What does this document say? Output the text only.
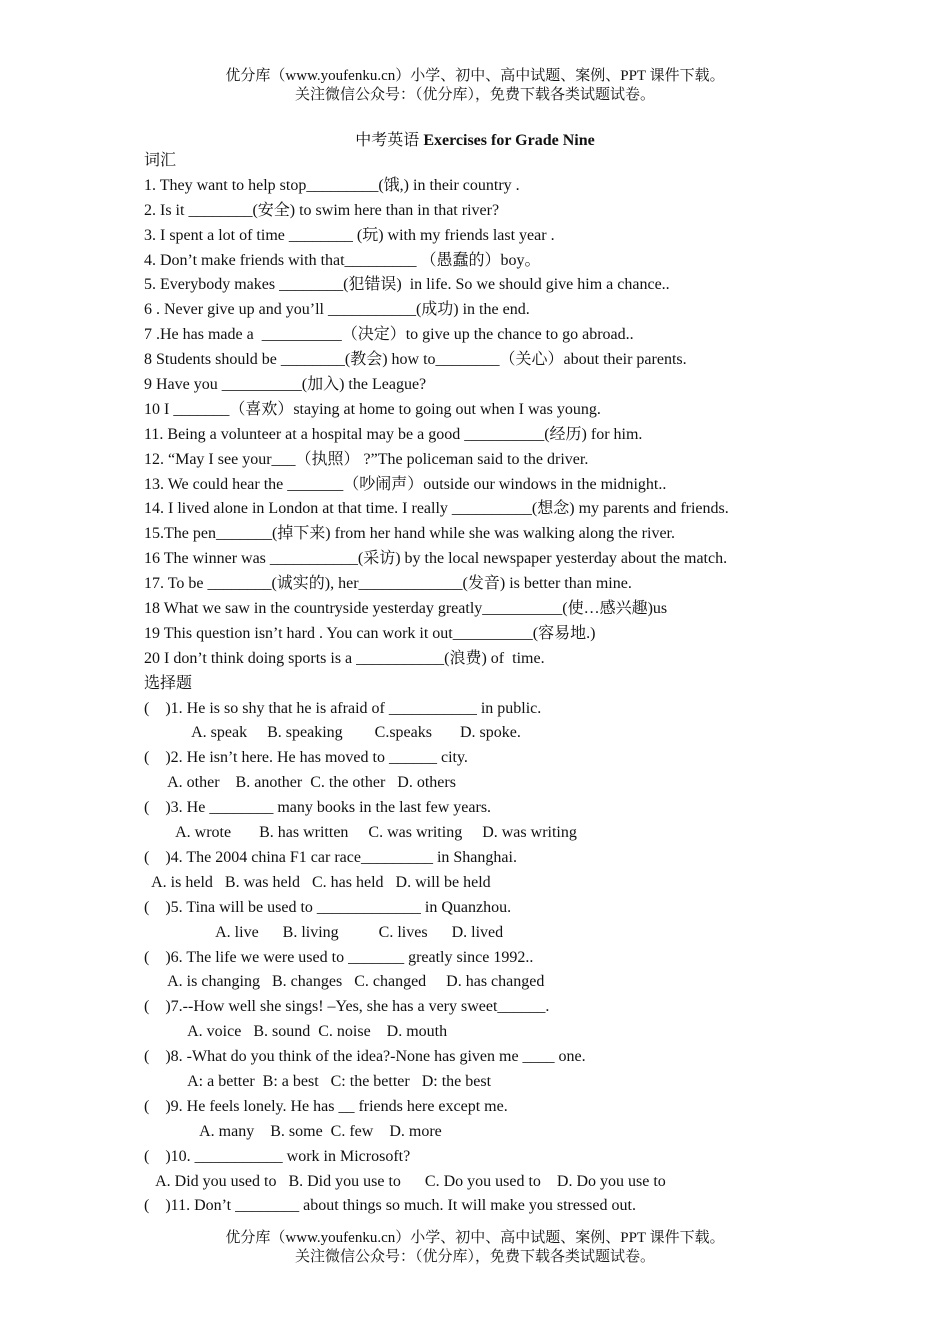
优分库（www.youfenku.cn）小学、初中、高中试题、案例、PPT 课件下载。
关注微信公众号：（优分库），免费下载各类试题试卷。
中考英语 Exercises for Grade Nine
词汇
1. They want to help stop_________(饿,) in their country .
2. Is it ________(安全) to swim here than in that river?
3. I spent a lot of time ________ (玩) with my friends last year .
4. Don’t make friends with that_________ （愚蠢的）boy。
5. Everybody makes ________(犯错误)  in life. So we should give him a chance..
6 . Never give up and you’ll ___________(成功) in the end.
7 .He has made a  __________（决定）to give up the chance to go abroad..
8 Students should be ________(教会) how to________（关心）about their parents.
9 Have you __________(加入) the League?
10 I _______（喜欢）staying at home to going out when I was young.
11. Being a volunteer at a hospital may be a good __________(经历) for him.
12. “May I see your___（执照） ?”The policeman said to the driver.
13. We could hear the _______（吵闹声）outside our windows in the midnight..
14. I lived alone in London at that time. I really __________(想念) my parents and friends.
15.The pen_______(掉下来) from her hand while she was walking along the river.
16 The winner was ___________(采访) by the local newspaper yesterday about the match.
17. To be ________(诚实的), her_____________(发音) is better than mine.
18 What we saw in the countryside yesterday greatly__________(使…感兴趣)us
19 This question isn’t hard . You can work it out__________(容易地.)
20 I don’t think doing sports is a ___________(浪费) of  time.
选择题
(    )1. He is so shy that he is afraid of ___________ in public.
A. speak     B. speaking        C.speaks       D. spoke.
(    )2. He isn’t here. He has moved to ______ city.
A. other    B. another  C. the other   D. others
(    )3. He ________ many books in the last few years.
A. wrote       B. has written     C. was writing     D. was writing
(    )4. The 2004 china F1 car race_________ in Shanghai.
A. is held   B. was held   C. has held   D. will be held
(    )5. Tina will be used to _____________ in Quanzhou.
A. live      B. living          C. lives      D. lived
(    )6. The life we were used to _______ greatly since 1992..
A. is changing   B. changes   C. changed     D. has changed
(    )7.--How well she sings! –Yes, she has a very sweet______.
A. voice   B. sound  C. noise    D. mouth
(    )8. -What do you think of the idea?-None has given me ____ one.
A: a better  B: a best   C: the better   D: the best
(    )9. He feels lonely. He has __ friends here except me.
A. many    B. some  C. few    D. more
(    )10. ___________ work in Microsoft?
A. Did you used to   B. Did you use to      C. Do you used to    D. Do you use to
(    )11. Don’t ________ about things so much. It will make you stressed out.
优分库（www.youfenku.cn）小学、初中、高中试题、案例、PPT 课件下载。
关注微信公众号：（优分库），免费下载各类试题试卷。
